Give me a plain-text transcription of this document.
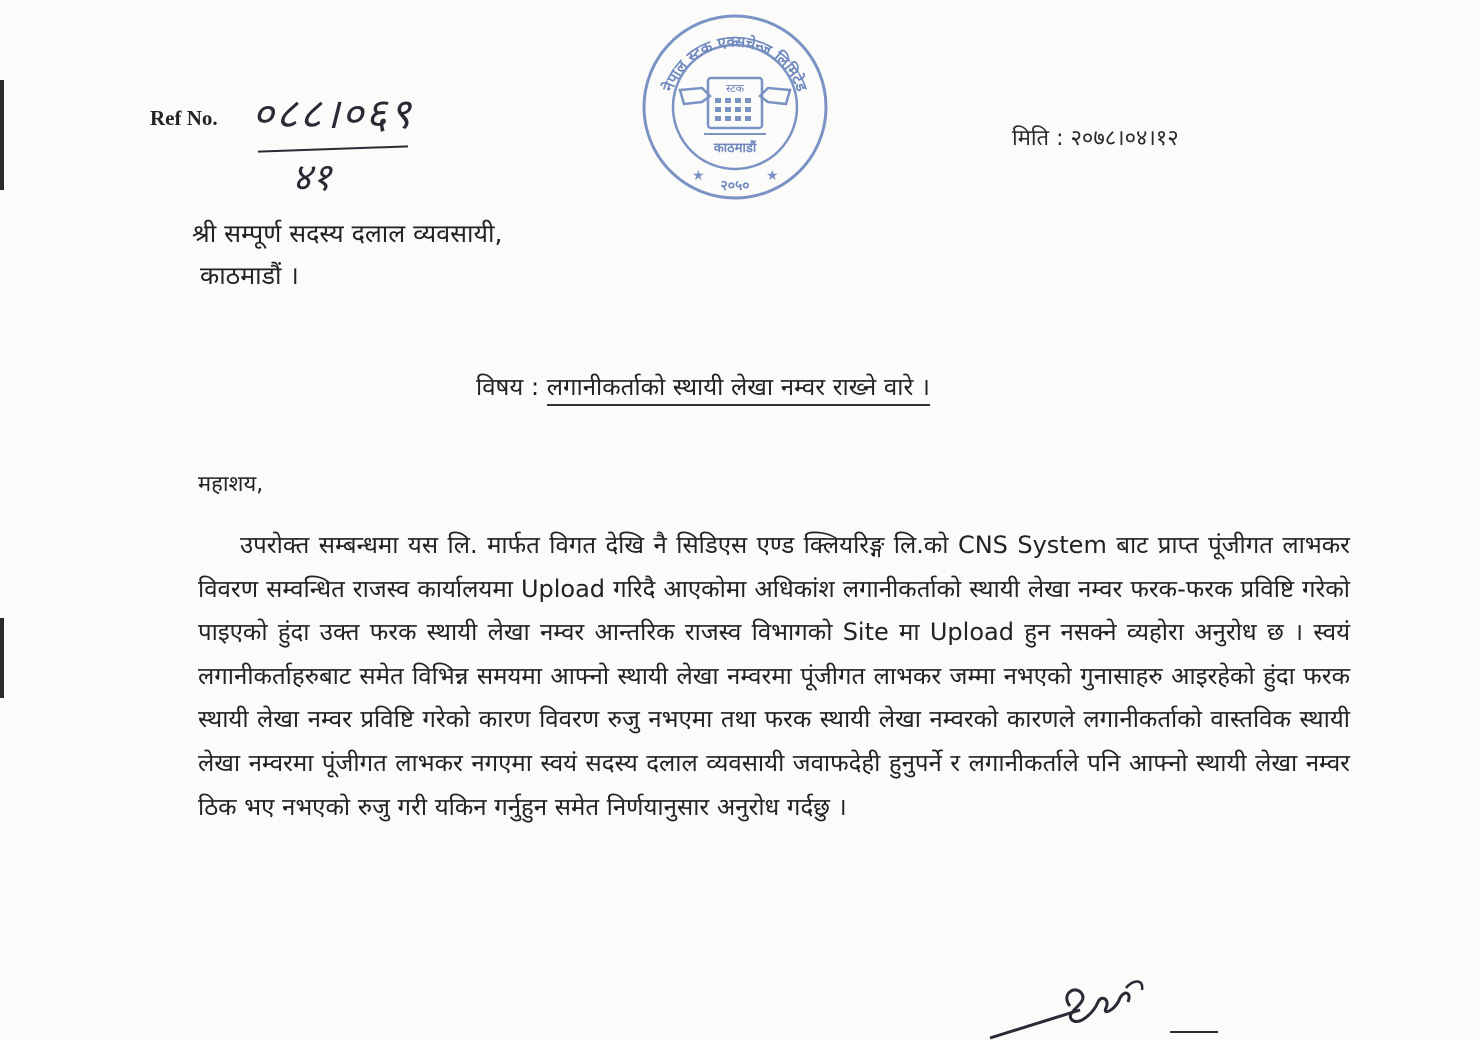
Ref No. ०८८।०६९
४१
नेपाल स्टक एक्सचेन्ज लिमिटेड
स्टक
काठमाडौं
★	★
२०५०
मिति : २०७८।०४।१२
श्री सम्पूर्ण सदस्य दलाल व्यवसायी,
काठमाडौं ।
विषय : लगानीकर्ताको स्थायी लेखा नम्वर राख्ने वारे ।
महाशय,

उपरोक्त सम्बन्धमा यस लि. मार्फत विगत देखि नै सिडिएस एण्ड क्लियरिङ्ग लि.को CNS System बाट प्राप्त पूंजीगत लाभकर विवरण सम्वन्धित राजस्व कार्यालयमा Upload गरिदै आएकोमा अधिकांश लगानीकर्ताको स्थायी लेखा नम्वर फरक-फरक प्रविष्टि गरेको पाइएको हुंदा उक्त फरक स्थायी लेखा नम्वर आन्तरिक राजस्व विभागको Site मा Upload हुन नसक्ने व्यहोरा अनुरोध छ । स्वयं लगानीकर्ताहरुबाट समेत विभिन्न समयमा आफ्नो स्थायी लेखा नम्वरमा पूंजीगत लाभकर जम्मा नभएको गुनासाहरु आइरहेको हुंदा फरक स्थायी लेखा नम्वर प्रविष्टि गरेको कारण विवरण रुजु नभएमा तथा फरक स्थायी लेखा नम्वरको कारणले लगानीकर्ताको वास्तविक स्थायी लेखा नम्वरमा पूंजीगत लाभकर नगएमा स्वयं सदस्य दलाल व्यवसायी जवाफदेही हुनुपर्ने र लगानीकर्ताले पनि आफ्नो स्थायी लेखा नम्वर ठिक भए नभएको रुजु गरी यकिन गर्नुहुन समेत निर्णयानुसार अनुरोध गर्दछु ।
